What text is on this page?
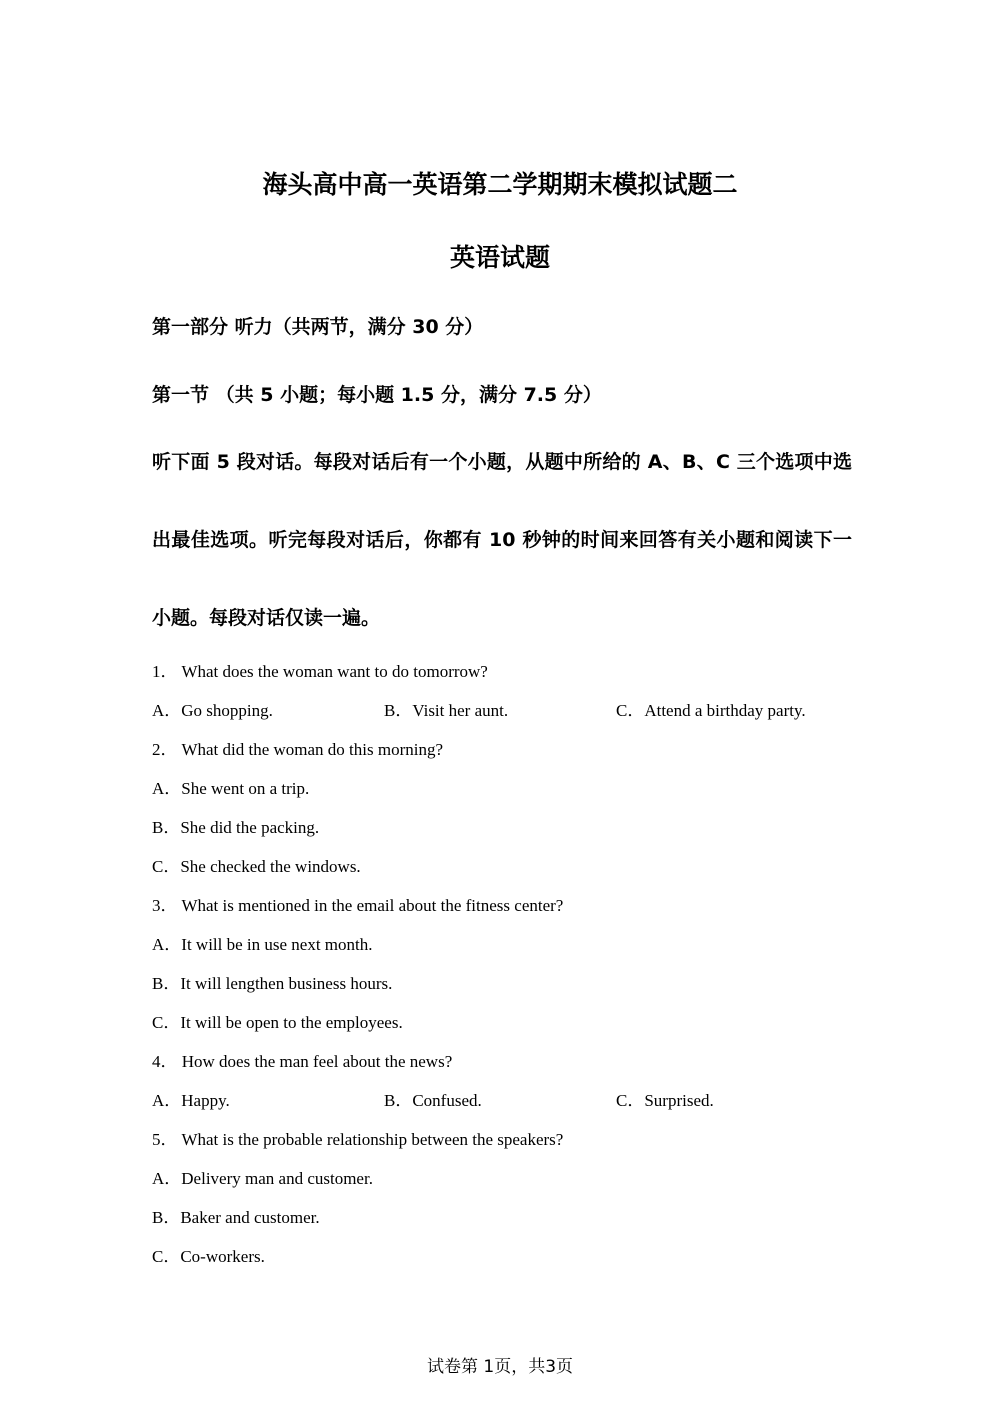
海头高中高一英语第二学期期末模拟试题二
英语试题
第一部分 听力（共两节，满分 30 分）
第一节 （共 5 小题；每小题 1.5 分，满分 7.5 分）
听下面 5 段对话。每段对话后有一个小题，从题中所给的 A、B、C 三个选项中选出最佳选项。听完每段对话后，你都有 10 秒钟的时间来回答有关小题和阅读下一小题。每段对话仅读一遍。
1． What does the woman want to do tomorrow?
A．Go shopping.	B．Visit her aunt.	C．Attend a birthday party.
2． What did the woman do this morning?
A．She went on a trip.
B．She did the packing.
C．She checked the windows.
3． What is mentioned in the email about the fitness center?
A．It will be in use next month.
B．It will lengthen business hours.
C．It will be open to the employees.
4． How does the man feel about the news?
A．Happy.	B．Confused.	C．Surprised.
5． What is the probable relationship between the speakers?
A．Delivery man and customer.
B．Baker and customer.
C．Co-workers.
试卷第 1页，共3页
